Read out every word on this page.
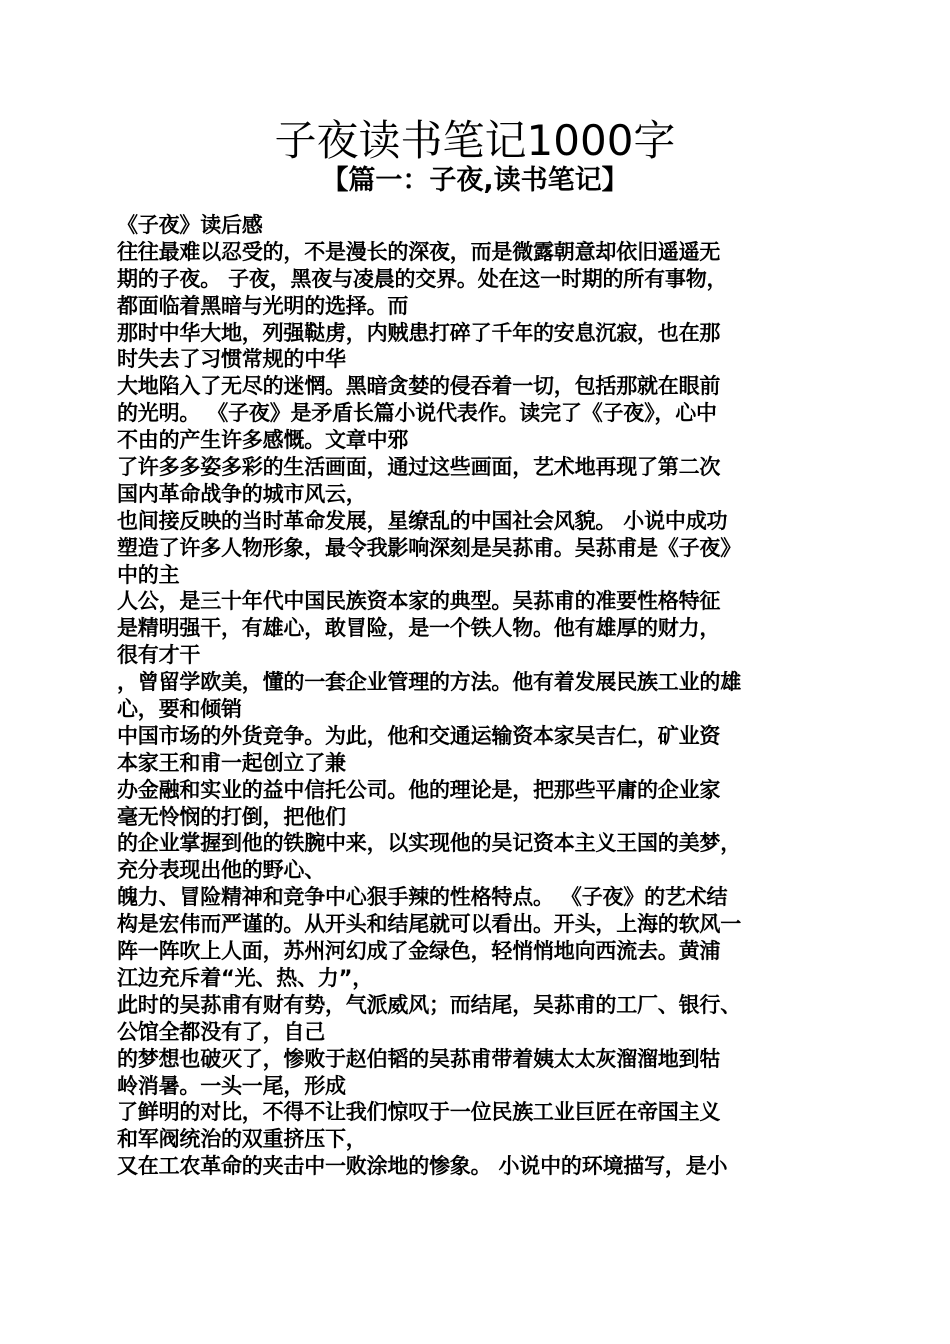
子夜读书笔记1000字
【篇一：子夜,读书笔记】
《子夜》读后感
往往最难以忍受的，不是漫长的深夜，而是微露朝意却依旧遥遥无
期的子夜。 子夜，黑夜与凌晨的交界。处在这一时期的所有事物，
都面临着黑暗与光明的选择。而
那时中华大地，列强鞑虏，内贼患打碎了千年的安息沉寂，也在那
时失去了习惯常规的中华
大地陷入了无尽的迷惘。黑暗贪婪的侵吞着一切，包括那就在眼前
的光明。 《子夜》是矛盾长篇小说代表作。读完了《子夜》，心中
不由的产生许多感慨。文章中邪
了许多多姿多彩的生活画面，通过这些画面，艺术地再现了第二次
国内革命战争的城市风云，
也间接反映的当时革命发展，星缭乱的中国社会风貌。 小说中成功
塑造了许多人物形象，最令我影响深刻是吴荪甫。吴荪甫是《子夜》
中的主
人公，是三十年代中国民族资本家的典型。吴荪甫的准要性格特征
是精明强干，有雄心，敢冒险，是一个铁人物。他有雄厚的财力，
很有才干
，曾留学欧美，懂的一套企业管理的方法。他有着发展民族工业的雄
心，要和倾销
中国市场的外货竞争。为此，他和交通运输资本家吴吉仁，矿业资
本家王和甫一起创立了兼
办金融和实业的益中信托公司。他的理论是，把那些平庸的企业家
毫无怜悯的打倒，把他们
的企业掌握到他的铁腕中来，以实现他的吴记资本主义王国的美梦，
充分表现出他的野心、
魄力、冒险精神和竞争中心狠手辣的性格特点。 《子夜》的艺术结
构是宏伟而严谨的。从开头和结尾就可以看出。开头，上海的软风一
阵一阵吹上人面，苏州河幻成了金绿色，轻悄悄地向西流去。黄浦
江边充斥着“光、热、力”，
此时的吴荪甫有财有势，气派威风；而结尾，吴荪甫的工厂、银行、
公馆全都没有了，自己
的梦想也破灭了，惨败于赵伯韬的吴荪甫带着姨太太灰溜溜地到牯
岭消暑。一头一尾，形成
了鲜明的对比，不得不让我们惊叹于一位民族工业巨匠在帝国主义
和军阀统治的双重挤压下，
又在工农革命的夹击中一败涂地的惨象。 小说中的环境描写，是小
